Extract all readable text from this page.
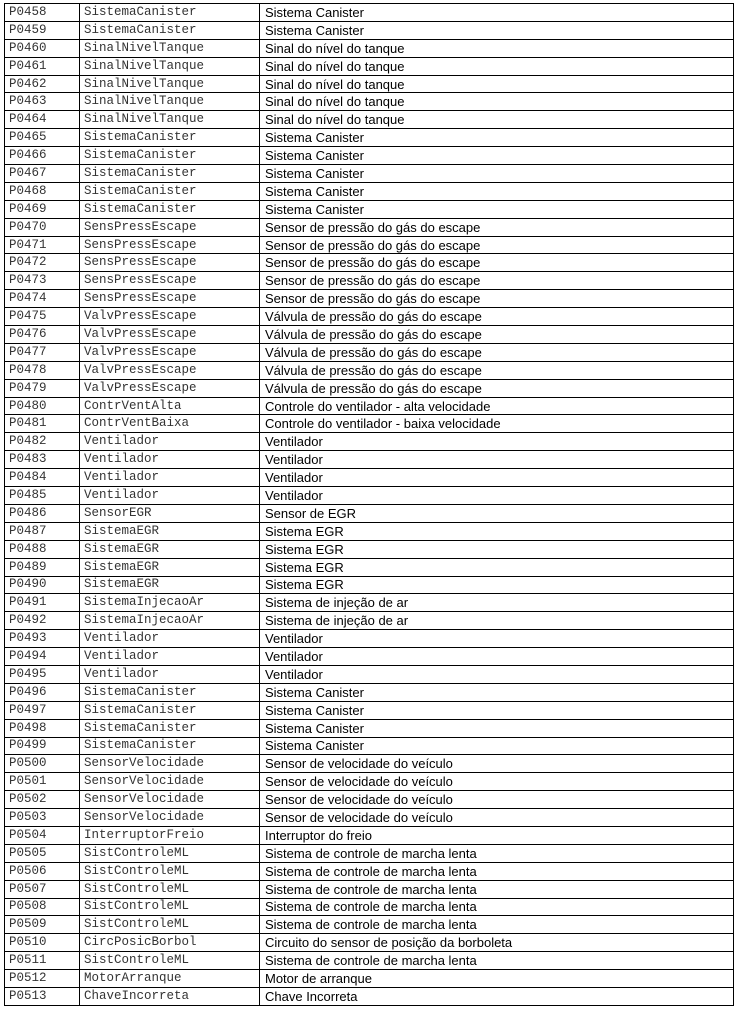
P0458	SistemaCanister	Sistema Canister
P0459	SistemaCanister	Sistema Canister
P0460	SinalNivelTanque	Sinal do nível do tanque
P0461	SinalNivelTanque	Sinal do nível do tanque
P0462	SinalNivelTanque	Sinal do nível do tanque
P0463	SinalNivelTanque	Sinal do nível do tanque
P0464	SinalNivelTanque	Sinal do nível do tanque
P0465	SistemaCanister	Sistema Canister
P0466	SistemaCanister	Sistema Canister
P0467	SistemaCanister	Sistema Canister
P0468	SistemaCanister	Sistema Canister
P0469	SistemaCanister	Sistema Canister
P0470	SensPressEscape	Sensor de pressão do gás do escape
P0471	SensPressEscape	Sensor de pressão do gás do escape
P0472	SensPressEscape	Sensor de pressão do gás do escape
P0473	SensPressEscape	Sensor de pressão do gás do escape
P0474	SensPressEscape	Sensor de pressão do gás do escape
P0475	ValvPressEscape	Válvula de pressão do gás do escape
P0476	ValvPressEscape	Válvula de pressão do gás do escape
P0477	ValvPressEscape	Válvula de pressão do gás do escape
P0478	ValvPressEscape	Válvula de pressão do gás do escape
P0479	ValvPressEscape	Válvula de pressão do gás do escape
P0480	ContrVentAlta	Controle do ventilador - alta velocidade
P0481	ContrVentBaixa	Controle do ventilador - baixa velocidade
P0482	Ventilador	Ventilador
P0483	Ventilador	Ventilador
P0484	Ventilador	Ventilador
P0485	Ventilador	Ventilador
P0486	SensorEGR	Sensor de EGR
P0487	SistemaEGR	Sistema EGR
P0488	SistemaEGR	Sistema EGR
P0489	SistemaEGR	Sistema EGR
P0490	SistemaEGR	Sistema EGR
P0491	SistemaInjecaoAr	Sistema de injeção de ar
P0492	SistemaInjecaoAr	Sistema de injeção de ar
P0493	Ventilador	Ventilador
P0494	Ventilador	Ventilador
P0495	Ventilador	Ventilador
P0496	SistemaCanister	Sistema Canister
P0497	SistemaCanister	Sistema Canister
P0498	SistemaCanister	Sistema Canister
P0499	SistemaCanister	Sistema Canister
P0500	SensorVelocidade	Sensor de velocidade do veículo
P0501	SensorVelocidade	Sensor de velocidade do veículo
P0502	SensorVelocidade	Sensor de velocidade do veículo
P0503	SensorVelocidade	Sensor de velocidade do veículo
P0504	InterruptorFreio	Interruptor do freio
P0505	SistControleML	Sistema de controle de marcha lenta
P0506	SistControleML	Sistema de controle de marcha lenta
P0507	SistControleML	Sistema de controle de marcha lenta
P0508	SistControleML	Sistema de controle de marcha lenta
P0509	SistControleML	Sistema de controle de marcha lenta
P0510	CircPosicBorbol	Circuito do sensor de posição da borboleta
P0511	SistControleML	Sistema de controle de marcha lenta
P0512	MotorArranque	Motor de arranque
P0513	ChaveIncorreta	Chave Incorreta
